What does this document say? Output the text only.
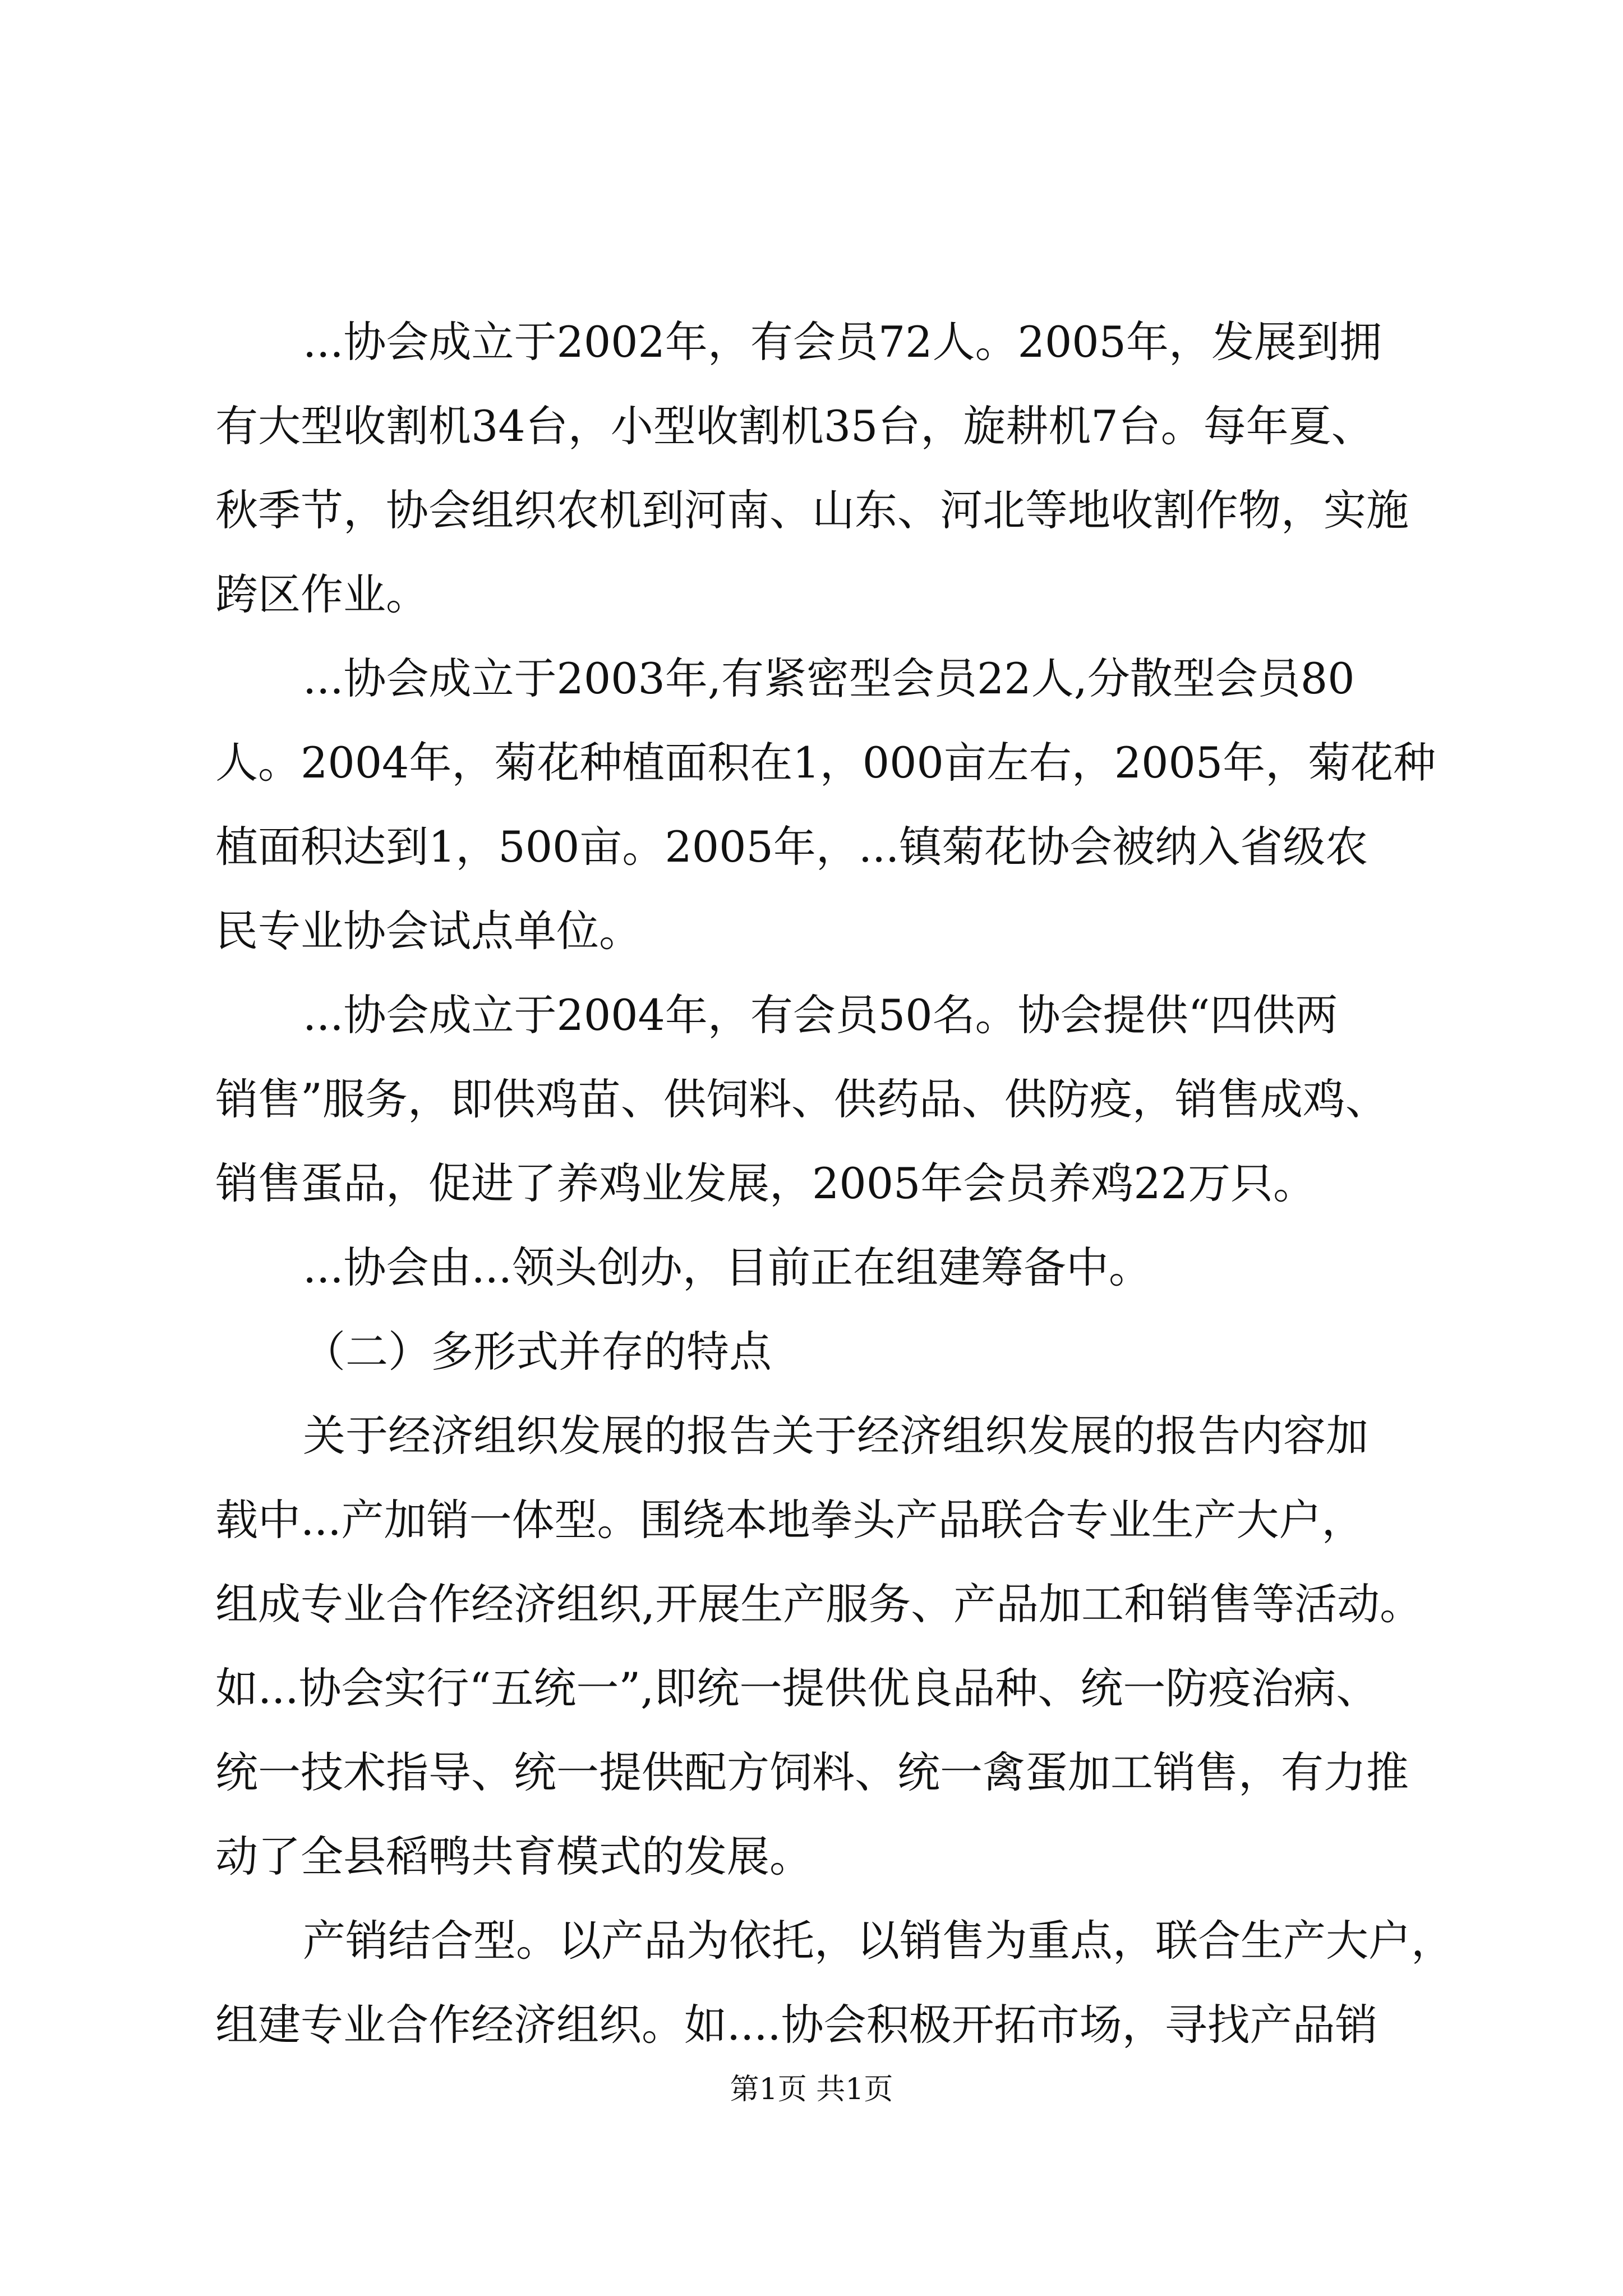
...协会成立于2002年，有会员72人。2005年，发展到拥
有大型收割机34台，小型收割机35台，旋耕机7台。每年夏、
秋季节，协会组织农机到河南、山东、河北等地收割作物，实施
跨区作业。
...协会成立于2003年,有紧密型会员22人,分散型会员80
人。2004年，菊花种植面积在1，000亩左右，2005年，菊花种
植面积达到1，500亩。2005年，...镇菊花协会被纳入省级农
民专业协会试点单位。
...协会成立于2004年，有会员50名。协会提供“四供两
销售”服务，即供鸡苗、供饲料、供药品、供防疫，销售成鸡、
销售蛋品，促进了养鸡业发展，2005年会员养鸡22万只。
...协会由...领头创办，目前正在组建筹备中。
（二）多形式并存的特点
关于经济组织发展的报告关于经济组织发展的报告内容加
载中...产加销一体型。围绕本地拳头产品联合专业生产大户，
组成专业合作经济组织,开展生产服务、产品加工和销售等活动。
如...协会实行“五统一”,即统一提供优良品种、统一防疫治病、
统一技术指导、统一提供配方饲料、统一禽蛋加工销售，有力推
动了全县稻鸭共育模式的发展。
产销结合型。以产品为依托，以销售为重点，联合生产大户，
组建专业合作经济组织。如....协会积极开拓市场，寻找产品销
第1页 共1页
